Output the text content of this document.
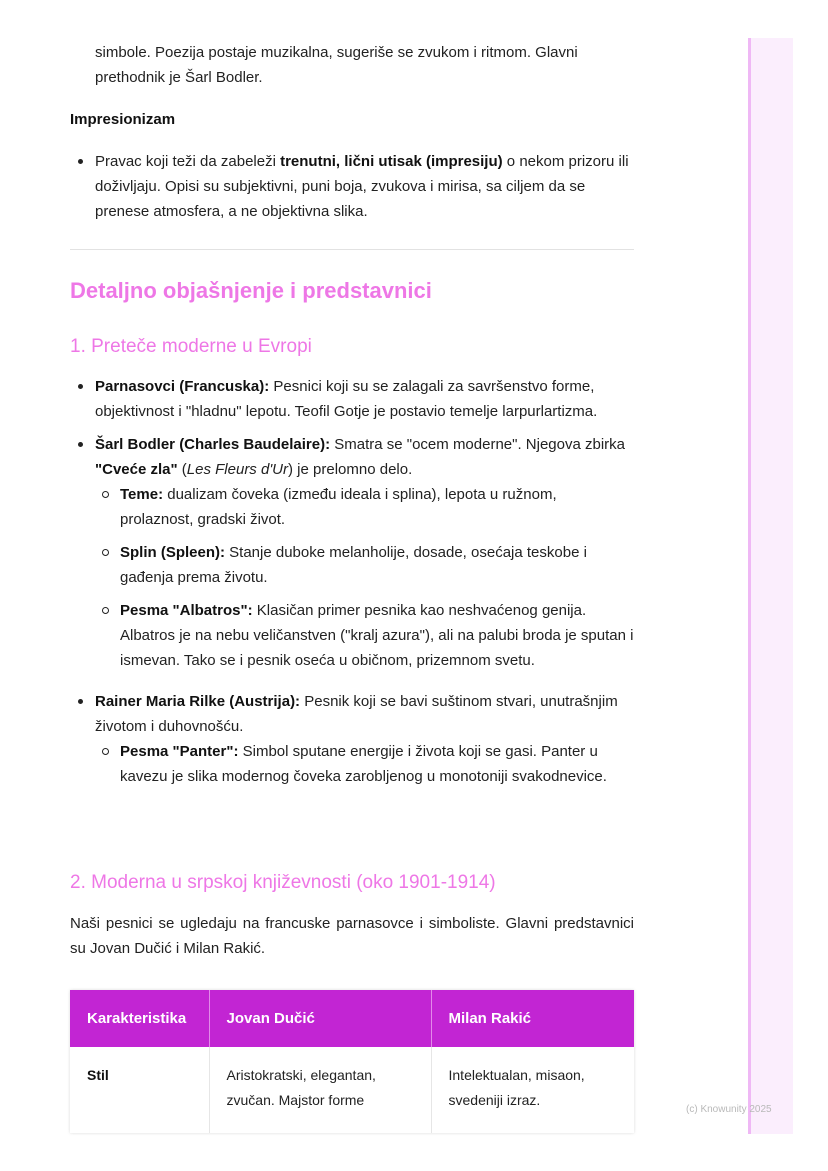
(c) Knowunity 2025
simbole. Poezija postaje muzikalna, sugeriše se zvukom i ritmom. Glavni prethodnik je Šarl Bodler.
Impresionizam
Pravac koji teži da zabeleži trenutni, lični utisak (impresiju) o nekom prizoru ili doživljaju. Opisi su subjektivni, puni boja, zvukova i mirisa, sa ciljem da se prenese atmosfera, a ne objektivna slika.
Detaljno objašnjenje i predstavnici
1. Preteče moderne u Evropi
Parnasovci (Francuska): Pesnici koji su se zalagali za savršenstvo forme, objektivnost i "hladnu" lepotu. Teofil Gotje je postavio temelje larpurlartizma.
Šarl Bodler (Charles Baudelaire): Smatra se "ocem moderne". Njegova zbirka "Cveće zla" (Les Fleurs d'Ur) je prelomno delo.
Teme: dualizam čoveka (između ideala i splina), lepota u ružnom, prolaznost, gradski život.
Splin (Spleen): Stanje duboke melanholije, dosade, osećaja teskobe i gađenja prema životu.
Pesma "Albatros": Klasičan primer pesnika kao neshvaćenog genija. Albatros je na nebu veličanstven ("kralj azura"), ali na palubi broda je sputan i ismevan. Tako se i pesnik oseća u običnom, prizemnom svetu.
Rainer Maria Rilke (Austrija): Pesnik koji se bavi suštinom stvari, unutrašnjim životom i duhovnošću.
Pesma "Panter": Simbol sputane energije i života koji se gasi. Panter u kavezu je slika modernog čoveka zarobljenog u monotoniji svakodnevice.
2. Moderna u srpskoj književnosti (oko 1901-1914)
Naši pesnici se ugledaju na francuske parnasovce i simboliste. Glavni predstavnici su Jovan Dučić i Milan Rakić.
Karakteristika	Jovan Dučić	Milan Rakić
Stil	Aristokratski, elegantan, zvučan. Majstor forme	Intelektualan, misaon, svedeniji izraz.
